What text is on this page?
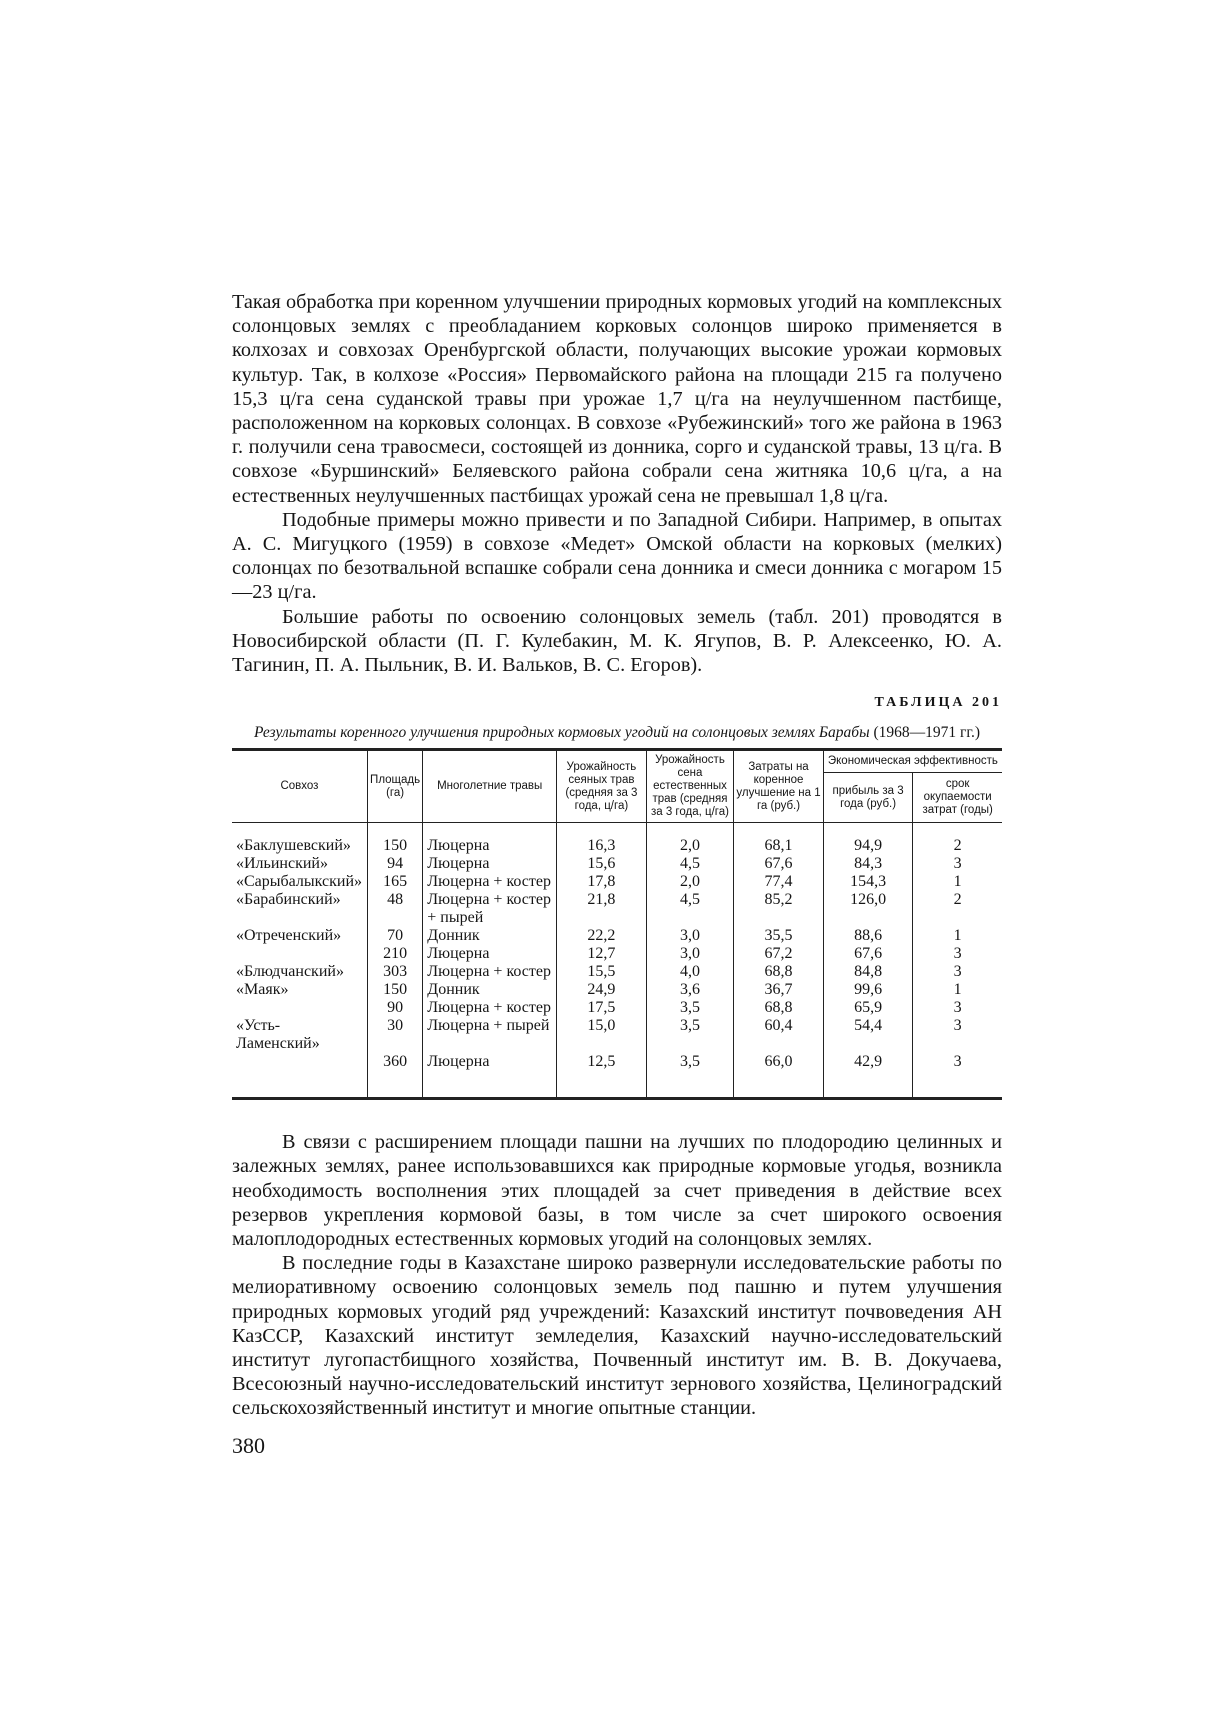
Такая обработка при коренном улучшении природных кормовых угодий на комплексных солонцовых землях с преобладанием корковых солонцов широко применяется в колхозах и совхозах Оренбургской области, получающих высокие урожаи кормовых культур. Так, в колхозе «Россия» Первомайского района на площади 215 га получено 15,3 ц/га сена суданской травы при урожае 1,7 ц/га на неулучшенном пастбище, расположенном на корковых солонцах. В совхозе «Рубежинский» того же района в 1963 г. получили сена травосмеси, состоящей из донника, сорго и суданской травы, 13 ц/га. В совхозе «Буршинский» Беляевского района собрали сена житняка 10,6 ц/га, а на естественных неулучшенных пастбищах урожай сена не превышал 1,8 ц/га.

Подобные примеры можно привести и по Западной Сибири. Например, в опытах А. С. Мигуцкого (1959) в совхозе «Медет» Омской области на корковых (мелких) солонцах по безотвальной вспашке собрали сена донника и смеси донника с могаром 15—23 ц/га.

Большие работы по освоению солонцовых земель (табл. 201) проводятся в Новосибирской области (П. Г. Кулебакин, М. К. Ягупов, В. Р. Алексеенко, Ю. А. Тагинин, П. А. Пыльник, В. И. Вальков, В. С. Егоров).

ТАБЛИЦА 201
Результаты коренного улучшения природных кормовых угодий на солонцовых землях Барабы (1968—1971 гг.)
Совхоз	Площадь (га)	Многолетние травы	Урожайность сеяных трав (средняя за 3 года, ц/га)	Урожайность сена естественных трав (средняя за 3 года, ц/га)	Затраты на коренное улучшение на 1 га (руб.)	Экономическая эффективность	
						прибыль за 3 года (руб.)	срок окупаемости затрат (годы)
«Баклушевский»	150	Люцерна	16,3	2,0	68,1	94,9	2
«Ильинский»	94	Люцерна	15,6	4,5	67,6	84,3	3
«Сарыбалыкский»	165	Люцерна + костер	17,8	2,0	77,4	154,3	1
«Барабинский»	48	Люцерна + костер + пырей	21,8	4,5	85,2	126,0	2
«Отреченский»	70	Донник	22,2	3,0	35,5	88,6	1
	210	Люцерна	12,7	3,0	67,2	67,6	3
«Блюдчанский»	303	Люцерна + костер	15,5	4,0	68,8	84,8	3
«Маяк»	150	Донник	24,9	3,6	36,7	99,6	1
	90	Люцерна + костер	17,5	3,5	68,8	65,9	3
«Усть-Ламенский»	30	Люцерна + пырей	15,0	3,5	60,4	54,4	3
	360	Люцерна	12,5	3,5	66,0	42,9	3

В связи с расширением площади пашни на лучших по плодородию целинных и залежных землях, ранее использовавшихся как природные кормовые угодья, возникла необходимость восполнения этих площадей за счет приведения в действие всех резервов укрепления кормовой базы, в том числе за счет широкого освоения малоплодородных естественных кормовых угодий на солонцовых землях.

В последние годы в Казахстане широко развернули исследовательские работы по мелиоративному освоению солонцовых земель под пашню и путем улучшения природных кормовых угодий ряд учреждений: Казахский институт почвоведения АН КазССР, Казахский институт земледелия, Казахский научно-исследовательский институт лугопастбищного хозяйства, Почвенный институт им. В. В. Докучаева, Всесоюзный научно-исследовательский институт зернового хозяйства, Целиноградский сельскохозяйственный институт и многие опытные станции.

380
